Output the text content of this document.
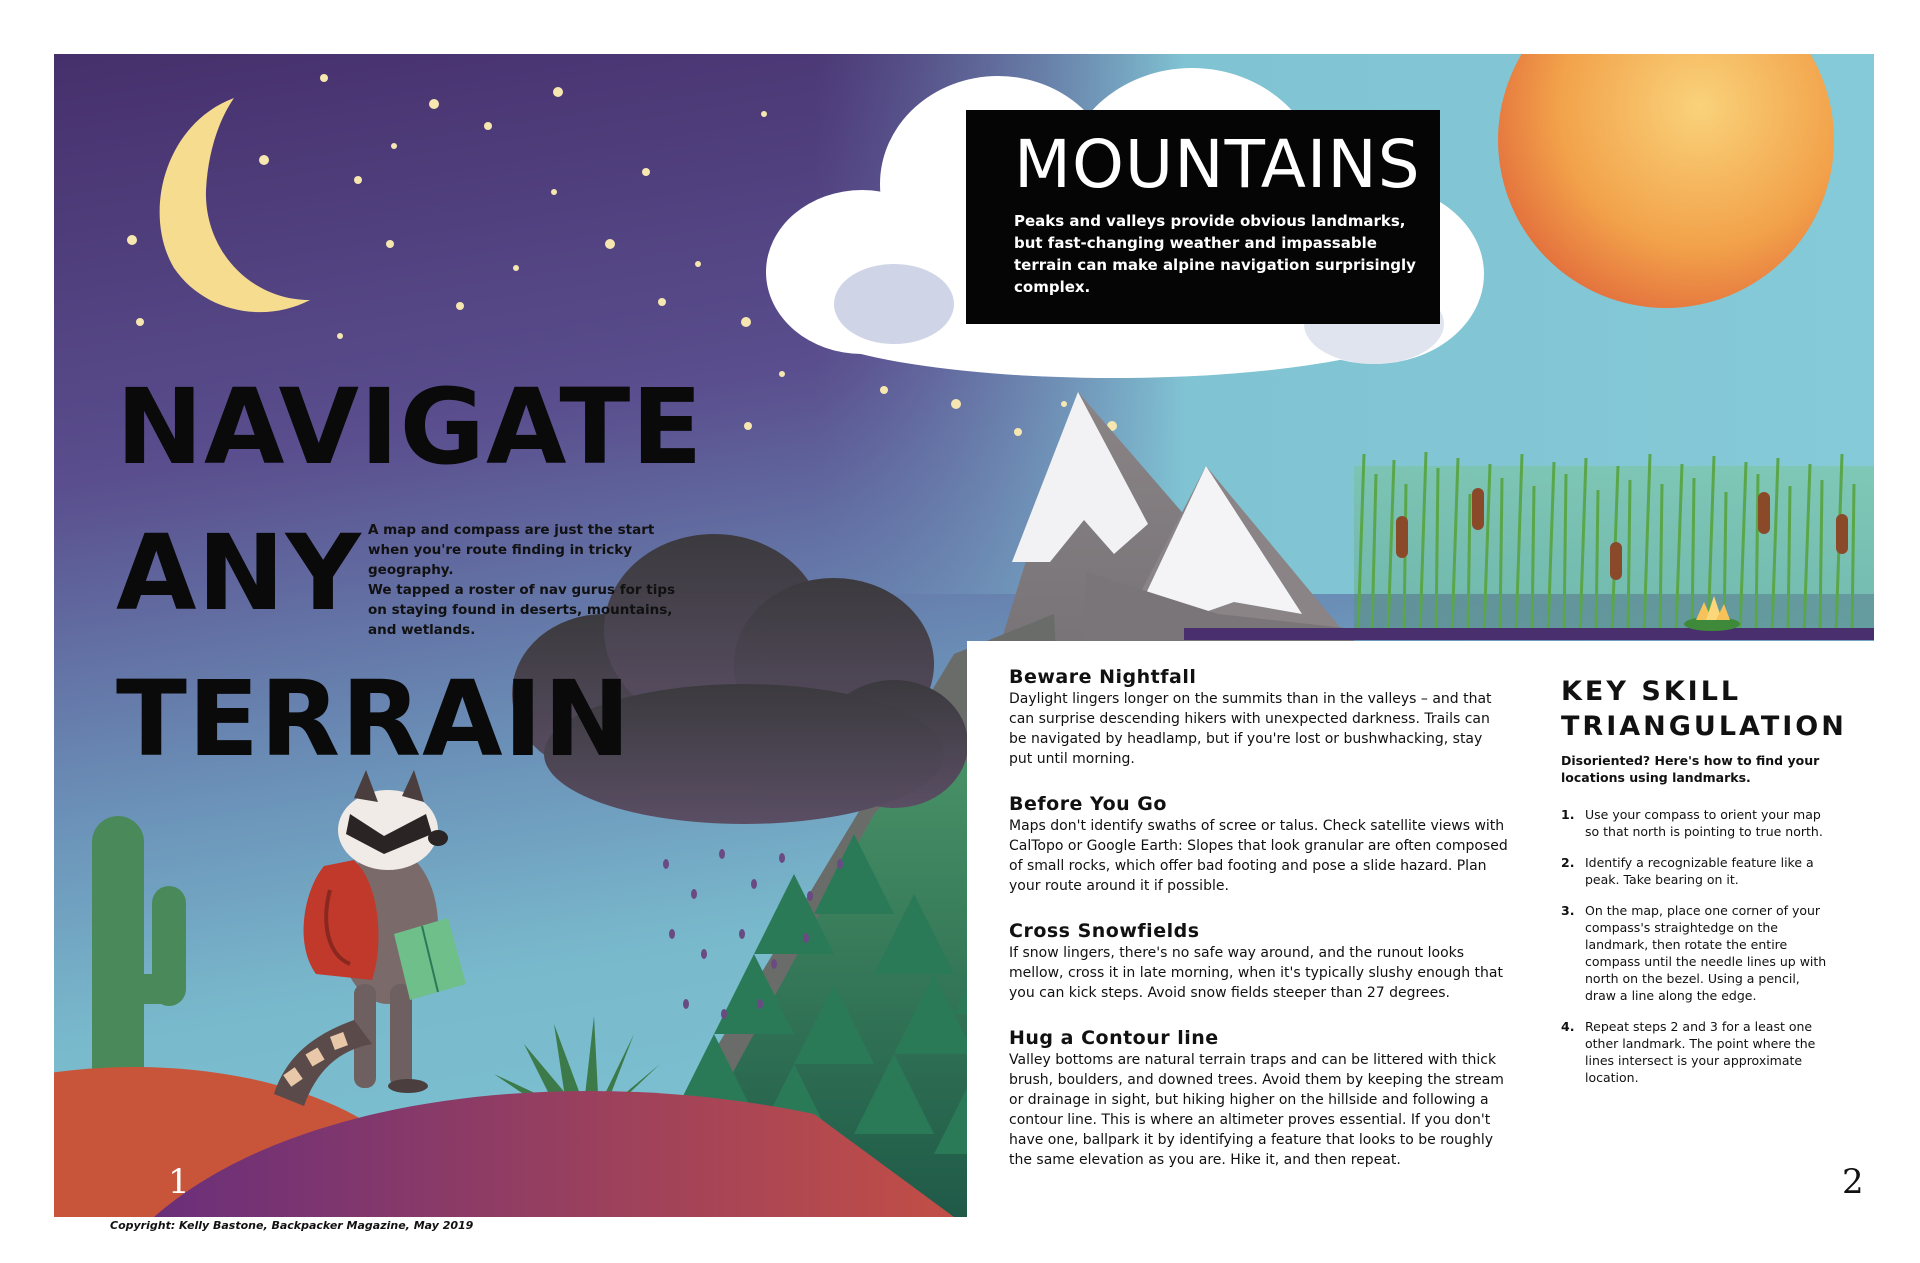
NAVIGATE
ANY
TERRAIN

A map and compass are just the start when you're route finding in tricky geography.

We tapped a roster of nav gurus for tips on staying found in deserts, mountains, and wetlands.

MOUNTAINS
Peaks and valleys provide obvious landmarks, but fast-changing weather and impassable terrain can make alpine navigation surprisingly complex.
Beware Nightfall

Daylight lingers longer on the summits than in the valleys – and that can surprise descending hikers with unexpected darkness. Trails can be navigated by headlamp, but if you're lost or bushwhacking, stay put until morning.

Before You Go

Maps don't identify swaths of scree or talus. Check satellite views with CalTopo or Google Earth: Slopes that look granular are often composed of small rocks, which offer bad footing and pose a slide hazard. Plan your route around it if possible.

Cross Snowfields

If snow lingers, there's no safe way around, and the runout looks mellow, cross it in late morning, when it's typically slushy enough that you can kick steps. Avoid snow fields steeper than 27 degrees.

Hug a Contour line

Valley bottoms are natural terrain traps and can be littered with thick brush, boulders, and downed trees. Avoid them by keeping the stream or drainage in sight, but hiking higher on the hillside and following a contour line. This is where an altimeter proves essential. If you don't have one, ballpark it by identifying a feature that looks to be roughly the same elevation as you are. Hike it, and then repeat.

KEY SKILL
TRIANGULATION
Disoriented? Here's how to find your locations using landmarks.
1. Use your compass to orient your map so that north is pointing to true north.
2. Identify a recognizable feature like a peak. Take bearing on it.
3. On the map, place one corner of your compass's straightedge on the landmark, then rotate the entire compass until the needle lines up with north on the bezel. Using a pencil, draw a line along the edge.
4. Repeat steps 2 and 3 for a least one other landmark. The point where the lines intersect is your approximate location.
1	2
Copyright: Kelly Bastone, Backpacker Magazine, May 2019
